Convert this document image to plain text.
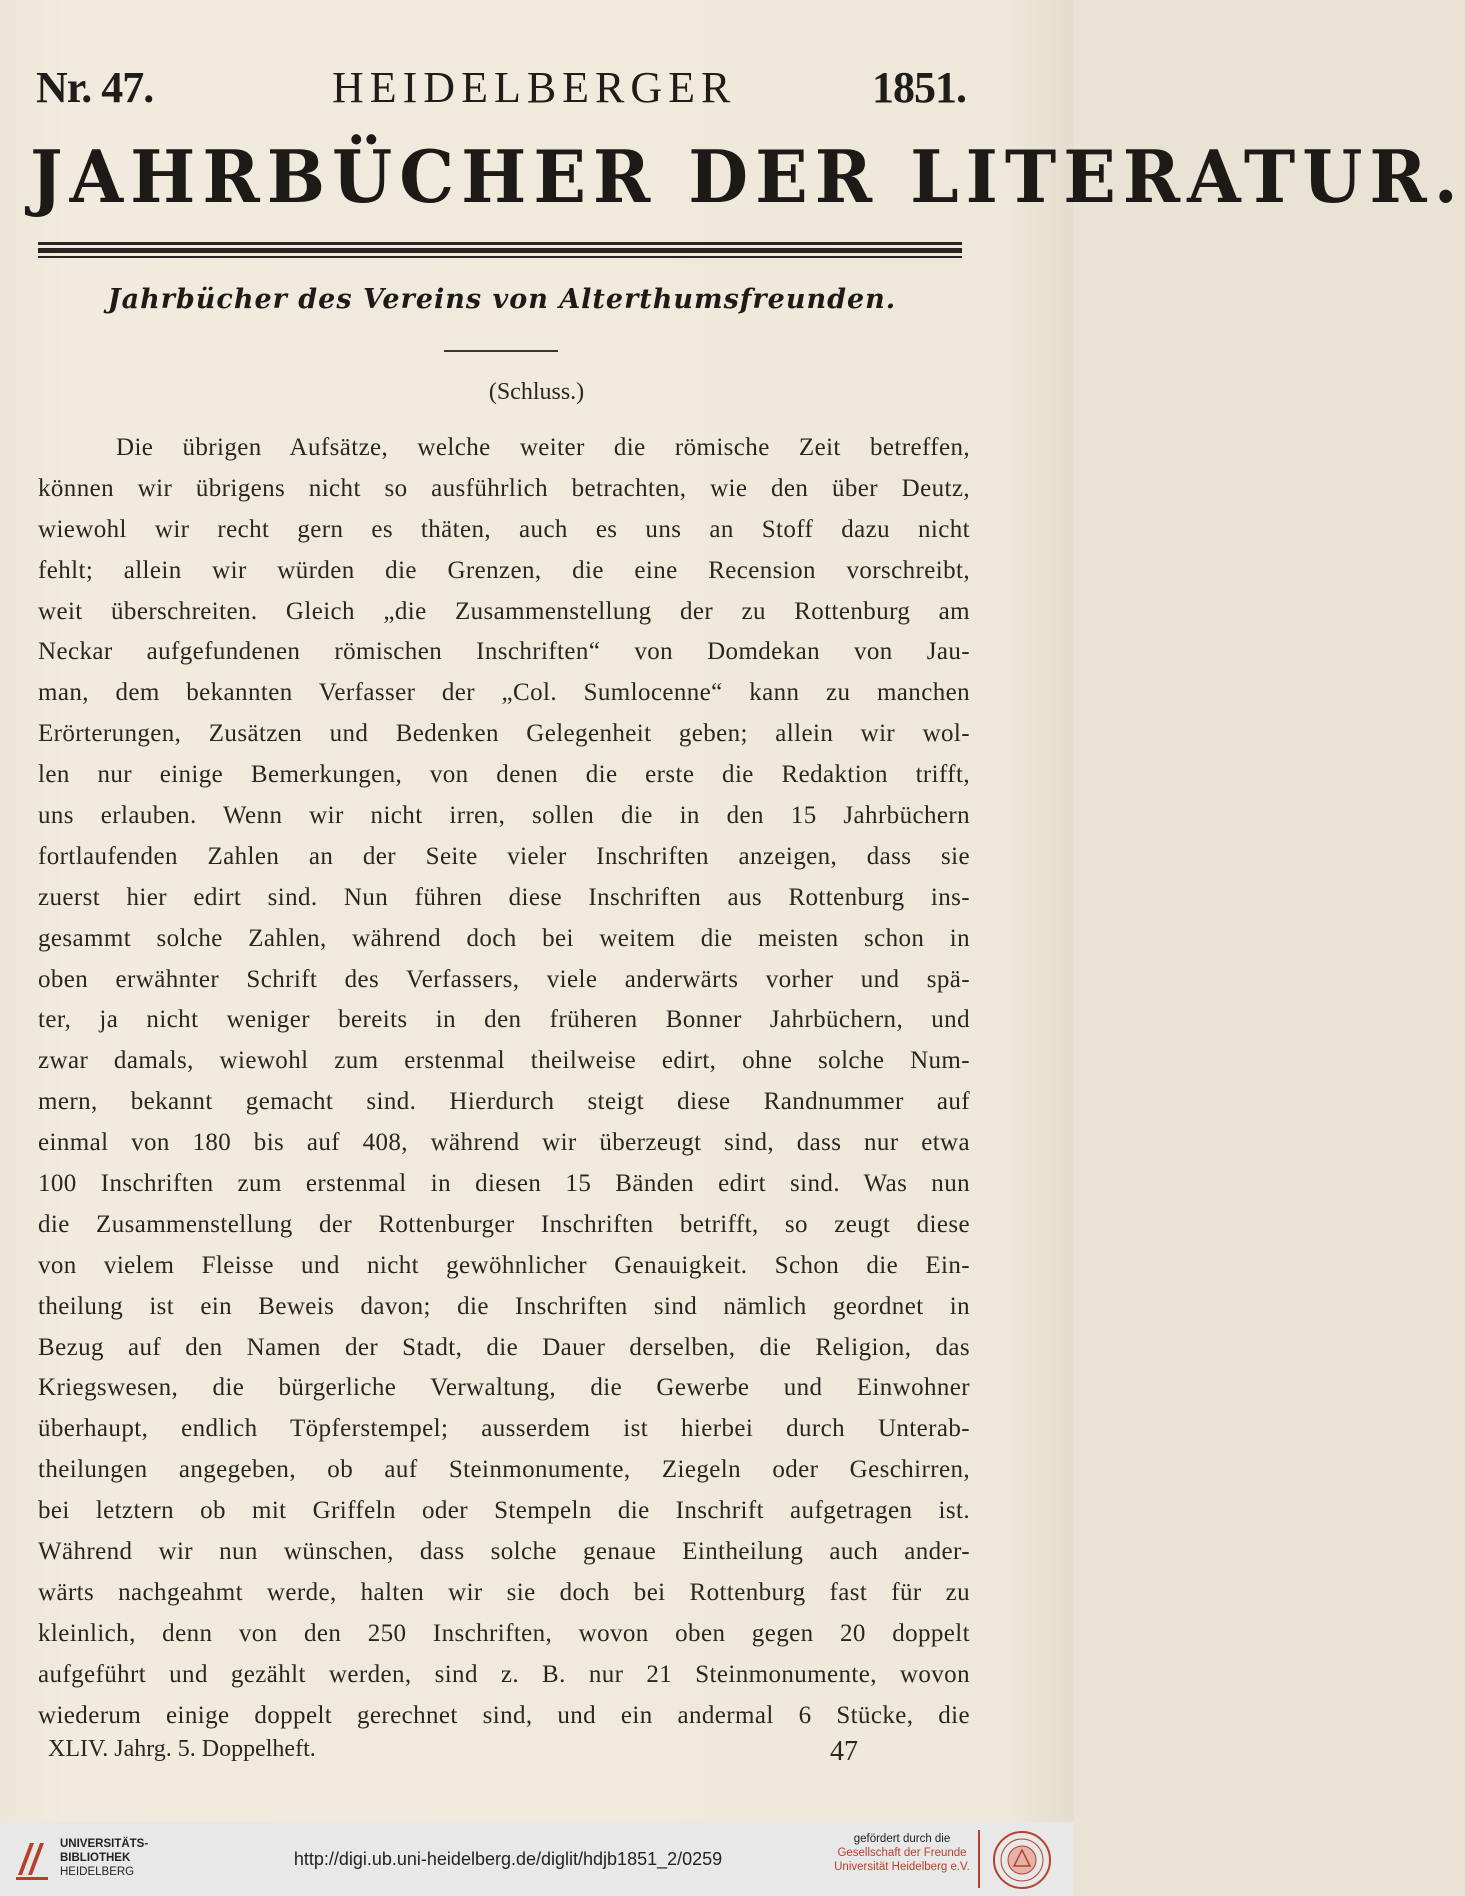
Nr. 47.	HEIDELBERGER	1851.
JAHRBÜCHER DER LITERATUR.
Jahrbücher des Vereins von Alterthumsfreunden.
(Schluss.)
Die übrigen Aufsätze, welche weiter die römische Zeit betreffen,
können wir übrigens nicht so ausführlich betrachten, wie den über Deutz,
wiewohl wir recht gern es thäten, auch es uns an Stoff dazu nicht
fehlt; allein wir würden die Grenzen, die eine Recension vorschreibt,
weit überschreiten. Gleich „die Zusammenstellung der zu Rottenburg am
Neckar aufgefundenen römischen Inschriften“ von Domdekan von Jau-
man, dem bekannten Verfasser der „Col. Sumlocenne“ kann zu manchen
Erörterungen, Zusätzen und Bedenken Gelegenheit geben; allein wir wol-
len nur einige Bemerkungen, von denen die erste die Redaktion trifft,
uns erlauben. Wenn wir nicht irren, sollen die in den 15 Jahrbüchern
fortlaufenden Zahlen an der Seite vieler Inschriften anzeigen, dass sie
zuerst hier edirt sind. Nun führen diese Inschriften aus Rottenburg ins-
gesammt solche Zahlen, während doch bei weitem die meisten schon in
oben erwähnter Schrift des Verfassers, viele anderwärts vorher und spä-
ter, ja nicht weniger bereits in den früheren Bonner Jahrbüchern, und
zwar damals, wiewohl zum erstenmal theilweise edirt, ohne solche Num-
mern, bekannt gemacht sind. Hierdurch steigt diese Randnummer auf
einmal von 180 bis auf 408, während wir überzeugt sind, dass nur etwa
100 Inschriften zum erstenmal in diesen 15 Bänden edirt sind. Was nun
die Zusammenstellung der Rottenburger Inschriften betrifft, so zeugt diese
von vielem Fleisse und nicht gewöhnlicher Genauigkeit. Schon die Ein-
theilung ist ein Beweis davon; die Inschriften sind nämlich geordnet in
Bezug auf den Namen der Stadt, die Dauer derselben, die Religion, das
Kriegswesen, die bürgerliche Verwaltung, die Gewerbe und Einwohner
überhaupt, endlich Töpferstempel; ausserdem ist hierbei durch Unterab-
theilungen angegeben, ob auf Steinmonumente, Ziegeln oder Geschirren,
bei letztern ob mit Griffeln oder Stempeln die Inschrift aufgetragen ist.
Während wir nun wünschen, dass solche genaue Eintheilung auch ander-
wärts nachgeahmt werde, halten wir sie doch bei Rottenburg fast für zu
kleinlich, denn von den 250 Inschriften, wovon oben gegen 20 doppelt
aufgeführt und gezählt werden, sind z. B. nur 21 Steinmonumente, wovon
wiederum einige doppelt gerechnet sind, und ein andermal 6 Stücke, die
XLIV. Jahrg. 5. Doppelheft.	47
UNIVERSITÄTS-
BIBLIOTHEK
HEIDELBERG
http://digi.ub.uni-heidelberg.de/diglit/hdjb1851_2/0259
gefördert durch die
Gesellschaft der Freunde
Universität Heidelberg e.V.
